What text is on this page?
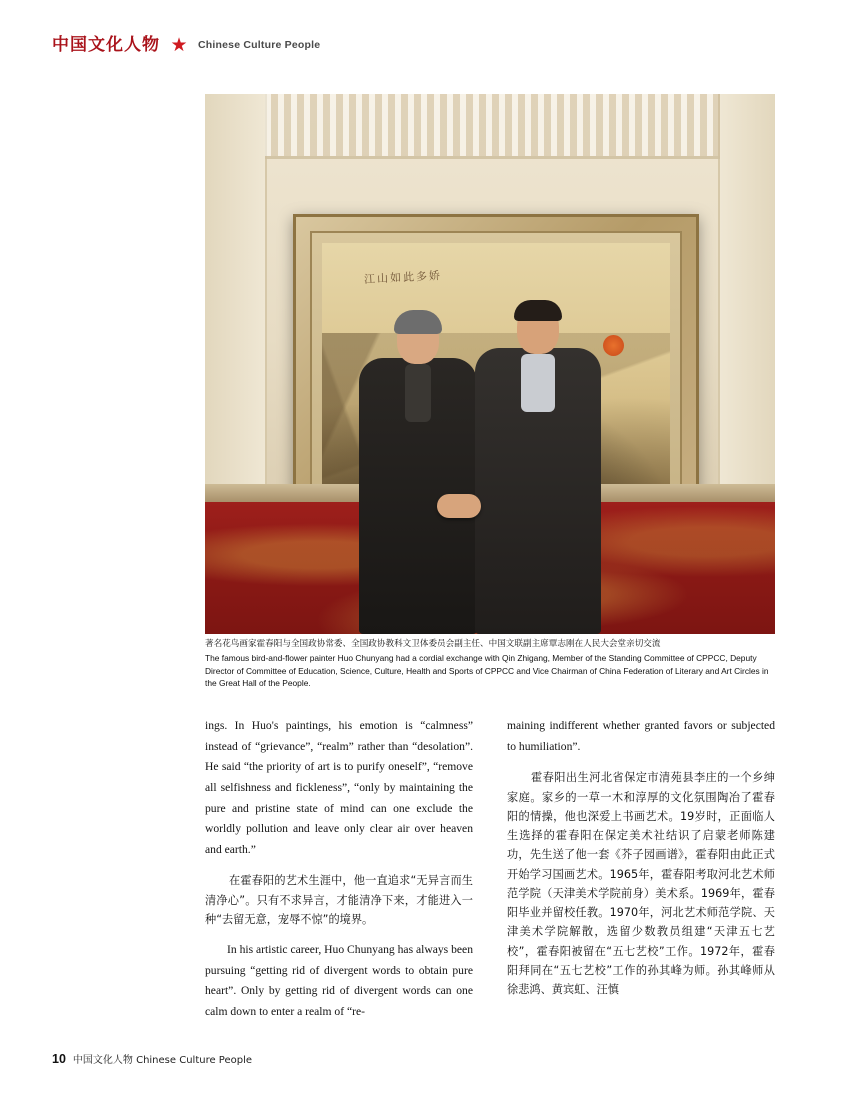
中国文化人物 ★ Chinese Culture People
江山如此多娇
著名花鸟画家霍春阳与全国政协常委、全国政协教科文卫体委员会副主任、中国文联副主席覃志刚在人民大会堂亲切交流
The famous bird-and-flower painter Huo Chunyang had a cordial exchange with Qin Zhigang, Member of the Standing Committee of CPPCC, Deputy Director of Committee of Education, Science, Culture, Health and Sports of CPPCC and Vice Chairman of China Federation of Literary and Art Circles in the Great Hall of the People.

ings. In Huo's paintings, his emotion is “calmness” instead of “grievance”, “realm” rather than “desolation”. He said “the priority of art is to purify oneself”, “remove all selfishness and fickleness”, “only by maintaining the pure and pristine state of mind can one exclude the worldly pollution and leave only clear air over heaven and earth.”

在霍春阳的艺术生涯中，他一直追求“无异言而生清净心”。只有不求异言，才能清净下来，才能进入一种“去留无意，宠辱不惊”的境界。

In his artistic career, Huo Chunyang has always been pursuing “getting rid of divergent words to obtain pure heart”. Only by getting rid of divergent words can one calm down to enter a realm of “re-

maining indifferent whether granted favors or subjected to humiliation”.

霍春阳出生河北省保定市清苑县李庄的一个乡绅家庭。家乡的一草一木和淳厚的文化氛围陶冶了霍春阳的情操，他也深爱上书画艺术。19岁时，正面临人生选择的霍春阳在保定美术社结识了启蒙老师陈建功，先生送了他一套《芥子园画谱》，霍春阳由此正式开始学习国画艺术。1965年，霍春阳考取河北艺术师范学院（天津美术学院前身）美术系。1969年，霍春阳毕业并留校任教。1970年，河北艺术师范学院、天津美术学院解散，选留少数教员组建“天津五七艺校”，霍春阳被留在“五七艺校”工作。1972年，霍春阳拜同在“五七艺校”工作的孙其峰为师。孙其峰师从徐悲鸿、黄宾虹、汪慎

10 中国文化人物 Chinese Culture People
